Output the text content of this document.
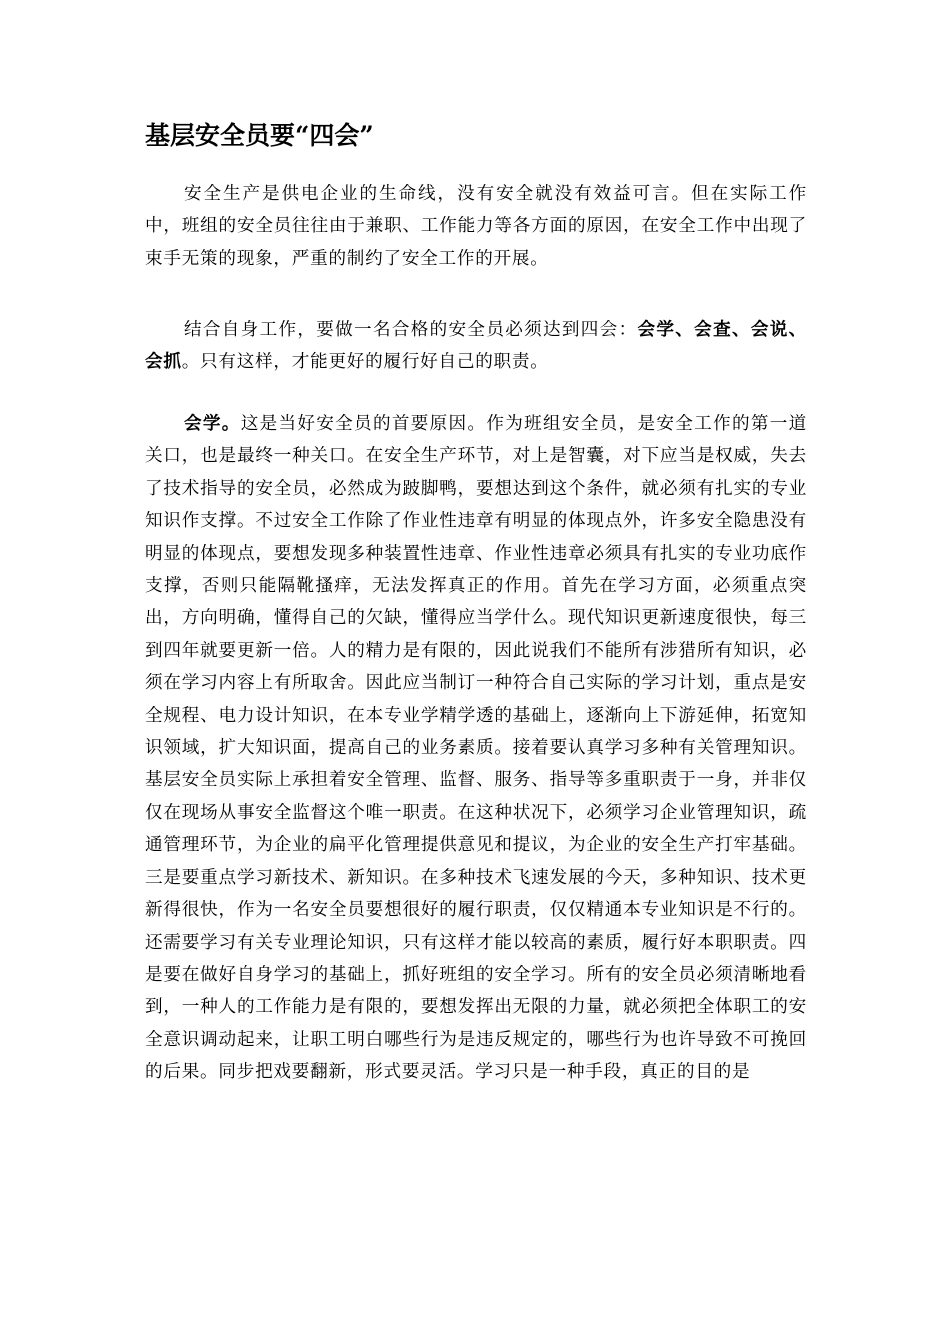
基层安全员要“四会”

安全生产是供电企业的生命线，没有安全就没有效益可言。但在实际工作中，班组的安全员往往由于兼职、工作能力等各方面的原因，在安全工作中出现了束手无策的现象，严重的制约了安全工作的开展。

结合自身工作，要做一名合格的安全员必须达到四会：会学、会查、会说、会抓。只有这样，才能更好的履行好自己的职责。

会学。这是当好安全员的首要原因。作为班组安全员，是安全工作的第一道关口，也是最终一种关口。在安全生产环节，对上是智囊，对下应当是权威，失去了技术指导的安全员，必然成为跛脚鸭，要想达到这个条件，就必须有扎实的专业知识作支撑。不过安全工作除了作业性违章有明显的体现点外，许多安全隐患没有明显的体现点，要想发现多种装置性违章、作业性违章必须具有扎实的专业功底作支撑，否则只能隔靴搔痒，无法发挥真正的作用。首先在学习方面，必须重点突出，方向明确，懂得自己的欠缺，懂得应当学什么。现代知识更新速度很快，每三到四年就要更新一倍。人的精力是有限的，因此说我们不能所有涉猎所有知识，必须在学习内容上有所取舍。因此应当制订一种符合自己实际的学习计划，重点是安全规程、电力设计知识，在本专业学精学透的基础上，逐渐向上下游延伸，拓宽知识领域，扩大知识面，提高自己的业务素质。接着要认真学习多种有关管理知识。基层安全员实际上承担着安全管理、监督、服务、指导等多重职责于一身，并非仅仅在现场从事安全监督这个唯一职责。在这种状况下，必须学习企业管理知识，疏通管理环节，为企业的扁平化管理提供意见和提议，为企业的安全生产打牢基础。三是要重点学习新技术、新知识。在多种技术飞速发展的今天，多种知识、技术更新得很快，作为一名安全员要想很好的履行职责，仅仅精通本专业知识是不行的。还需要学习有关专业理论知识，只有这样才能以较高的素质，履行好本职职责。四是要在做好自身学习的基础上，抓好班组的安全学习。所有的安全员必须清晰地看到，一种人的工作能力是有限的，要想发挥出无限的力量，就必须把全体职工的安全意识调动起来，让职工明白哪些行为是违反规定的，哪些行为也许导致不可挽回的后果。同步把戏要翻新，形式要灵活。学习只是一种手段，真正的目的是
